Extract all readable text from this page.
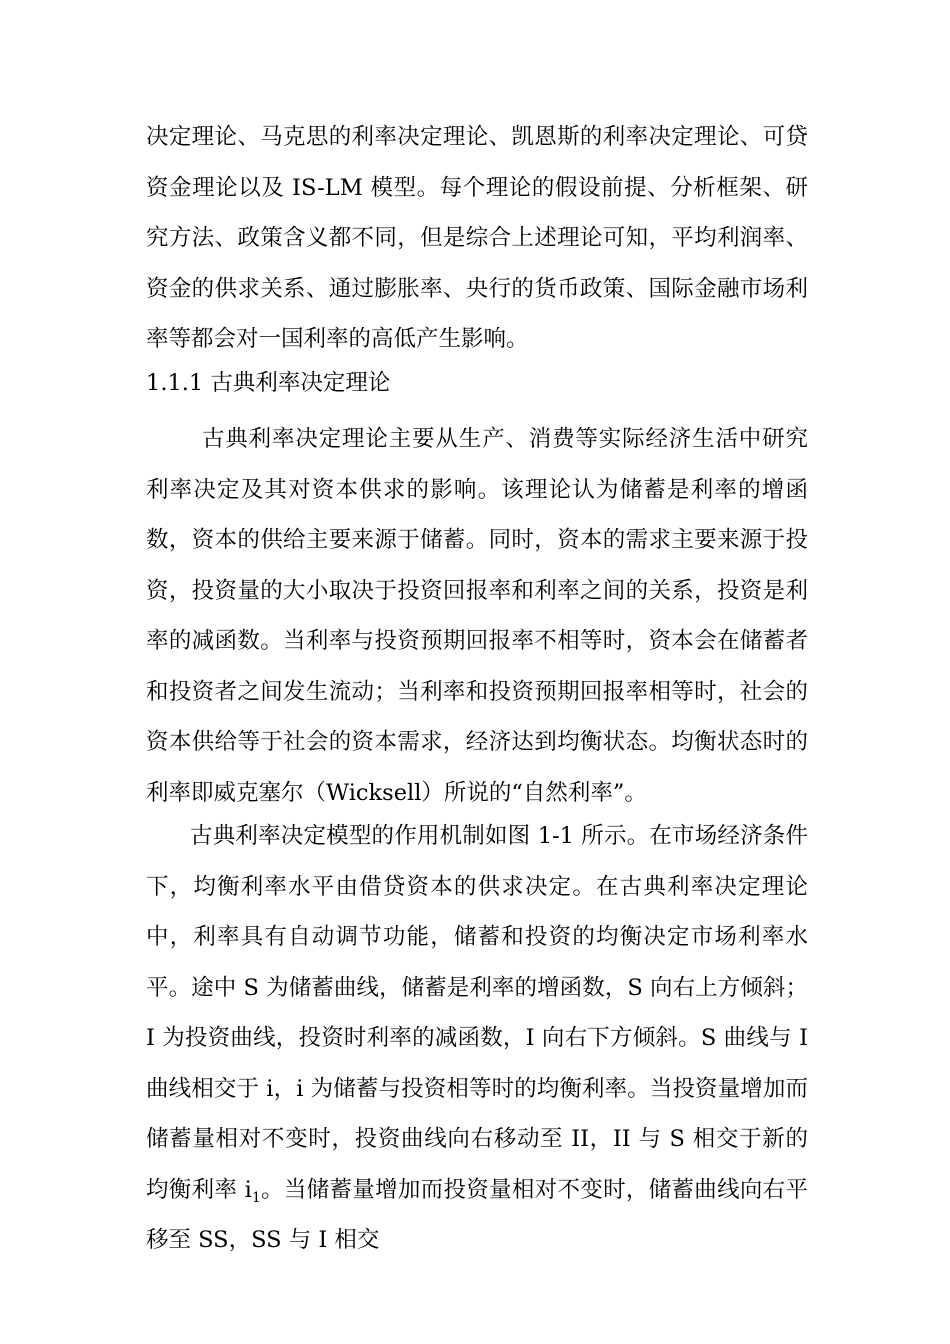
决定理论、马克思的利率决定理论、凯恩斯的利率决定理论、可贷资金理论以及 IS-LM 模型。每个理论的假设前提、分析框架、研究方法、政策含义都不同，但是综合上述理论可知，平均利润率、资金的供求关系、通过膨胀率、央行的货币政策、国际金融市场利率等都会对一国利率的高低产生影响。

1.1.1 古典利率决定理论

古典利率决定理论主要从生产、消费等实际经济生活中研究利率决定及其对资本供求的影响。该理论认为储蓄是利率的增函数，资本的供给主要来源于储蓄。同时，资本的需求主要来源于投资，投资量的大小取决于投资回报率和利率之间的关系，投资是利率的减函数。当利率与投资预期回报率不相等时，资本会在储蓄者和投资者之间发生流动；当利率和投资预期回报率相等时，社会的资本供给等于社会的资本需求，经济达到均衡状态。均衡状态时的利率即威克塞尔（Wicksell）所说的“自然利率”。

古典利率决定模型的作用机制如图 1-1 所示。在市场经济条件下，均衡利率水平由借贷资本的供求决定。在古典利率决定理论中，利率具有自动调节功能，储蓄和投资的均衡决定市场利率水平。途中 S 为储蓄曲线，储蓄是利率的增函数，S 向右上方倾斜；I 为投资曲线，投资时利率的减函数，I 向右下方倾斜。S 曲线与 I 曲线相交于 i，i 为储蓄与投资相等时的均衡利率。当投资量增加而储蓄量相对不变时，投资曲线向右移动至 II，II 与 S 相交于新的均衡利率 $i_1$。当储蓄量增加而投资量相对不变时，储蓄曲线向右平移至 SS，SS 与 I 相交
